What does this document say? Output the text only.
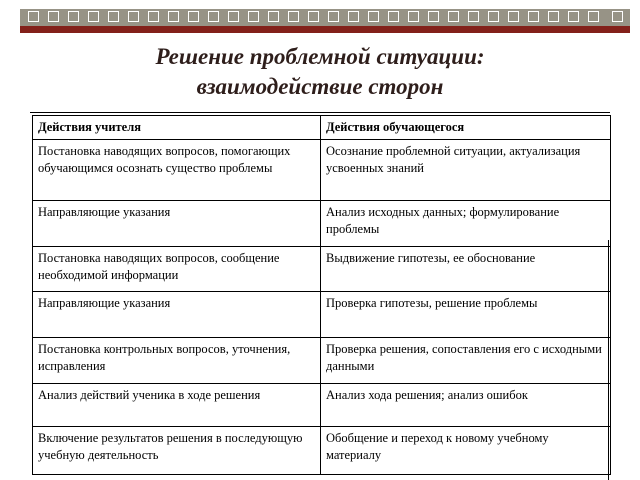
Решение проблемной ситуации:
взаимодействие сторон
Действия учителя	Действия обучающегося
Постановка наводящих вопросов, помогающих обучающимся осознать существо проблемы	Осознание проблемной ситуации, актуализация усвоенных знаний
Направляющие указания	Анализ исходных данных; формулирование проблемы
Постановка наводящих вопросов, сообщение необходимой информации	Выдвижение гипотезы, ее обоснование
Направляющие указания	Проверка гипотезы, решение проблемы
Постановка контрольных вопросов, уточнения, исправления	Проверка решения, сопоставления его с исходными данными
Анализ действий ученика в ходе решения	Анализ хода решения; анализ ошибок
Включение результатов решения в последующую учебную деятельность	Обобщение и переход к новому учебному материалу
